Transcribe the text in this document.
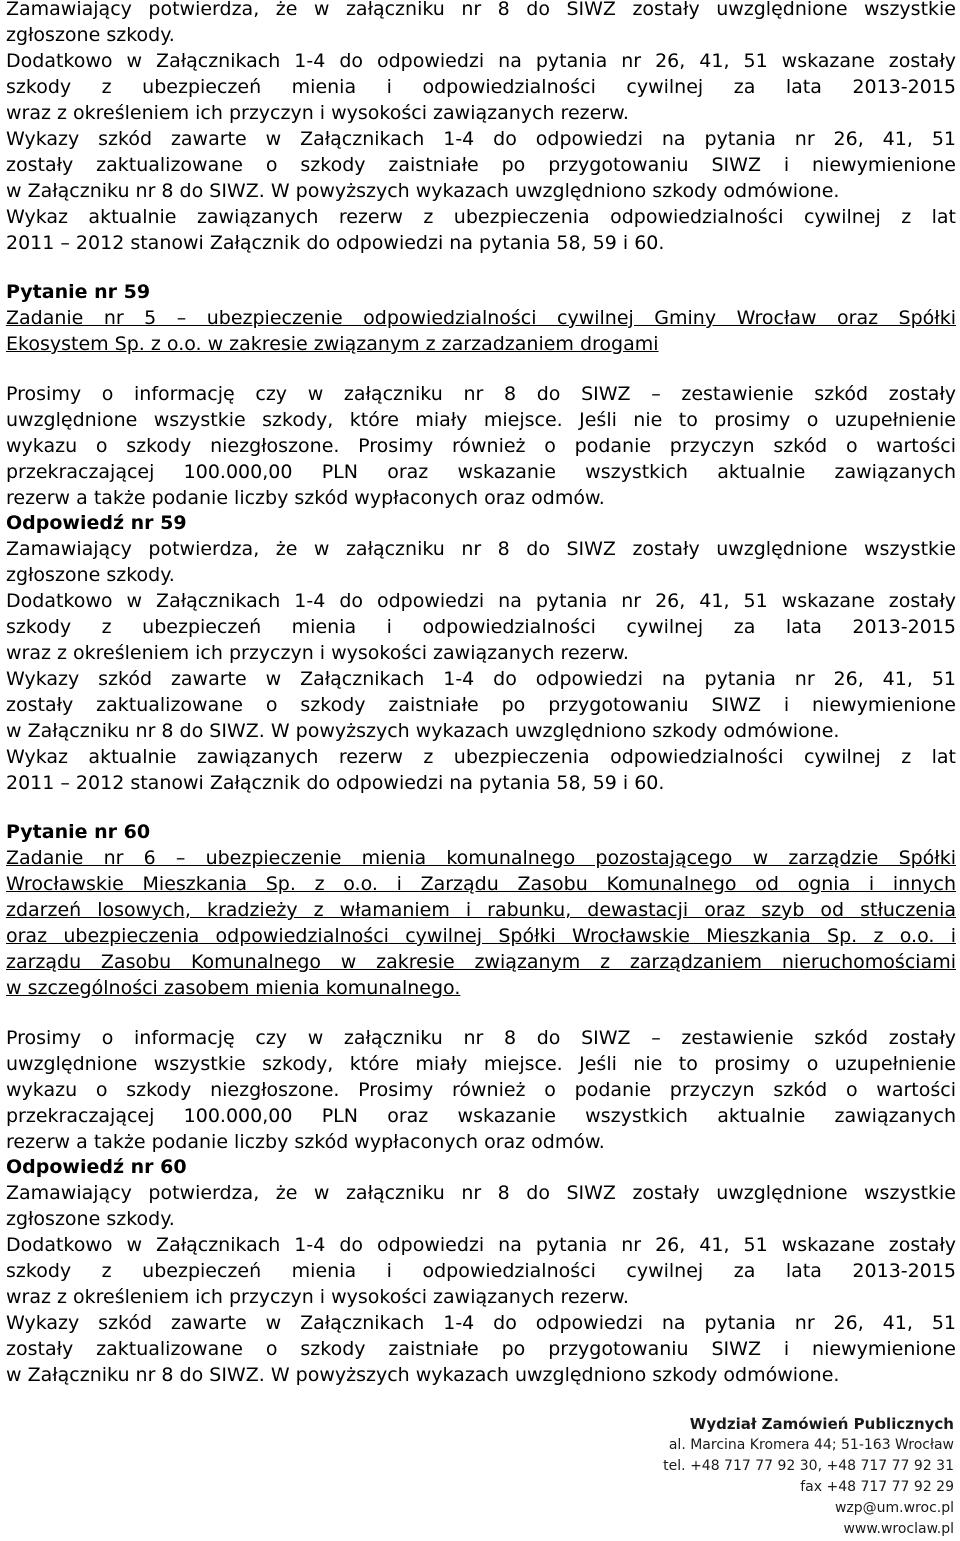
Zamawiający potwierdza, że w załączniku nr 8 do SIWZ zostały uwzględnione wszystkie
zgłoszone szkody.
Dodatkowo w Załącznikach 1-4 do odpowiedzi na pytania nr 26, 41, 51 wskazane zostały
szkody z ubezpieczeń mienia i odpowiedzialności cywilnej za lata 2013-2015
wraz z określeniem ich przyczyn i wysokości zawiązanych rezerw.
Wykazy szkód zawarte w Załącznikach 1-4 do odpowiedzi na pytania nr 26, 41, 51
zostały zaktualizowane o szkody zaistniałe po przygotowaniu SIWZ i niewymienione
w Załączniku nr 8 do SIWZ. W powyższych wykazach uwzględniono szkody odmówione.
Wykaz aktualnie zawiązanych rezerw z ubezpieczenia odpowiedzialności cywilnej z lat
2011 – 2012 stanowi Załącznik do odpowiedzi na pytania 58, 59 i 60.
Pytanie nr 59
Zadanie nr 5 – ubezpieczenie odpowiedzialności cywilnej Gminy Wrocław oraz Spółki
Ekosystem Sp. z o.o. w zakresie związanym z zarzadzaniem drogami
Prosimy o informację czy w załączniku nr 8 do SIWZ – zestawienie szkód zostały
uwzględnione wszystkie szkody, które miały miejsce. Jeśli nie to prosimy o uzupełnienie
wykazu o szkody niezgłoszone. Prosimy również o podanie przyczyn szkód o wartości
przekraczającej 100.000,00 PLN oraz wskazanie wszystkich aktualnie zawiązanych
rezerw a także podanie liczby szkód wypłaconych oraz odmów.
Odpowiedź nr 59
Zamawiający potwierdza, że w załączniku nr 8 do SIWZ zostały uwzględnione wszystkie
zgłoszone szkody.
Dodatkowo w Załącznikach 1-4 do odpowiedzi na pytania nr 26, 41, 51 wskazane zostały
szkody z ubezpieczeń mienia i odpowiedzialności cywilnej za lata 2013-2015
wraz z określeniem ich przyczyn i wysokości zawiązanych rezerw.
Wykazy szkód zawarte w Załącznikach 1-4 do odpowiedzi na pytania nr 26, 41, 51
zostały zaktualizowane o szkody zaistniałe po przygotowaniu SIWZ i niewymienione
w Załączniku nr 8 do SIWZ. W powyższych wykazach uwzględniono szkody odmówione.
Wykaz aktualnie zawiązanych rezerw z ubezpieczenia odpowiedzialności cywilnej z lat
2011 – 2012 stanowi Załącznik do odpowiedzi na pytania 58, 59 i 60.
Pytanie nr 60
Zadanie nr 6 – ubezpieczenie mienia komunalnego pozostającego w zarządzie Spółki
Wrocławskie Mieszkania Sp. z o.o. i Zarządu Zasobu Komunalnego od ognia i innych
zdarzeń losowych, kradzieży z włamaniem i rabunku, dewastacji oraz szyb od stłuczenia
oraz ubezpieczenia odpowiedzialności cywilnej Spółki Wrocławskie Mieszkania Sp. z o.o. i
zarządu Zasobu Komunalnego w zakresie związanym z zarządzaniem nieruchomościami
w szczególności zasobem mienia komunalnego.
Prosimy o informację czy w załączniku nr 8 do SIWZ – zestawienie szkód zostały
uwzględnione wszystkie szkody, które miały miejsce. Jeśli nie to prosimy o uzupełnienie
wykazu o szkody niezgłoszone. Prosimy również o podanie przyczyn szkód o wartości
przekraczającej 100.000,00 PLN oraz wskazanie wszystkich aktualnie zawiązanych
rezerw a także podanie liczby szkód wypłaconych oraz odmów.
Odpowiedź nr 60
Zamawiający potwierdza, że w załączniku nr 8 do SIWZ zostały uwzględnione wszystkie
zgłoszone szkody.
Dodatkowo w Załącznikach 1-4 do odpowiedzi na pytania nr 26, 41, 51 wskazane zostały
szkody z ubezpieczeń mienia i odpowiedzialności cywilnej za lata 2013-2015
wraz z określeniem ich przyczyn i wysokości zawiązanych rezerw.
Wykazy szkód zawarte w Załącznikach 1-4 do odpowiedzi na pytania nr 26, 41, 51
zostały zaktualizowane o szkody zaistniałe po przygotowaniu SIWZ i niewymienione
w Załączniku nr 8 do SIWZ. W powyższych wykazach uwzględniono szkody odmówione.
Wydział Zamówień Publicznych
al. Marcina Kromera 44; 51-163 Wrocław
tel. +48 717 77 92 30, +48 717 77 92 31
fax +48 717 77 92 29
wzp@um.wroc.pl
www.wroclaw.pl
